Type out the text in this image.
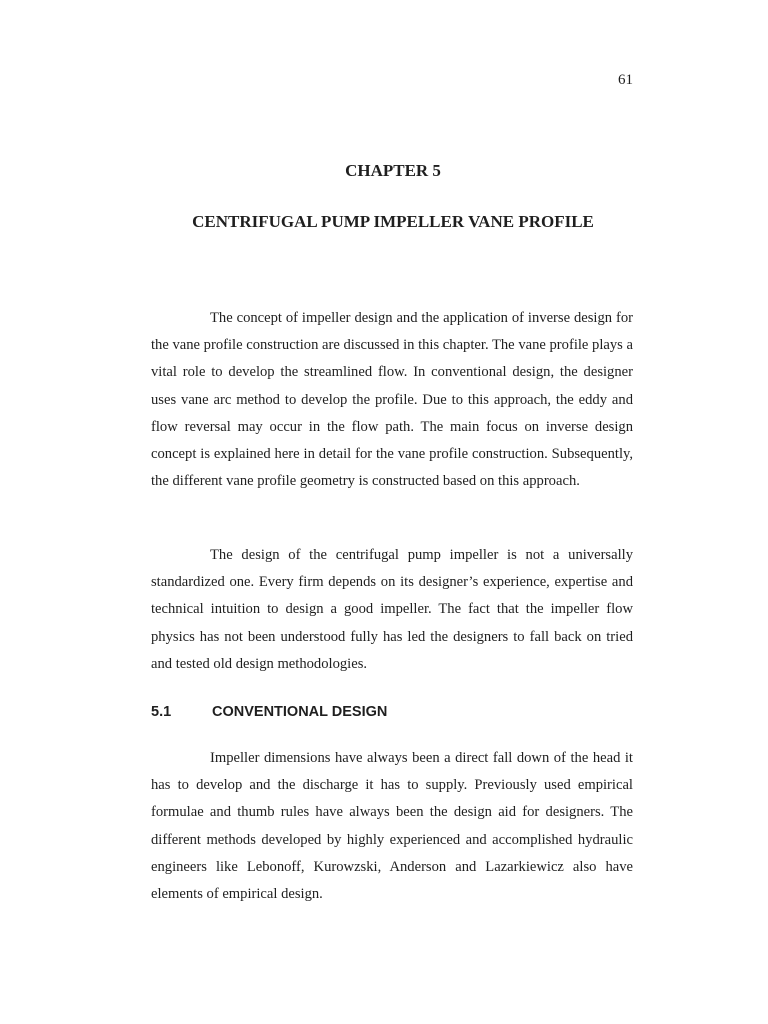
61
CHAPTER 5
CENTRIFUGAL PUMP IMPELLER VANE PROFILE

The concept of impeller design and the application of inverse design for the vane profile construction are discussed in this chapter. The vane profile plays a vital role to develop the streamlined flow. In conventional design, the designer uses vane arc method to develop the profile. Due to this approach, the eddy and flow reversal may occur in the flow path. The main focus on inverse design concept is explained here in detail for the vane profile construction. Subsequently, the different vane profile geometry is constructed based on this approach.

The design of the centrifugal pump impeller is not a universally standardized one. Every firm depends on its designer’s experience, expertise and technical intuition to design a good impeller. The fact that the impeller flow physics has not been understood fully has led the designers to fall back on tried and tested old design methodologies.

5.1	CONVENTIONAL DESIGN

Impeller dimensions have always been a direct fall down of the head it has to develop and the discharge it has to supply. Previously used empirical formulae and thumb rules have always been the design aid for designers. The different methods developed by highly experienced and accomplished hydraulic engineers like Lebonoff, Kurowzski, Anderson and Lazarkiewicz also have elements of empirical design.
